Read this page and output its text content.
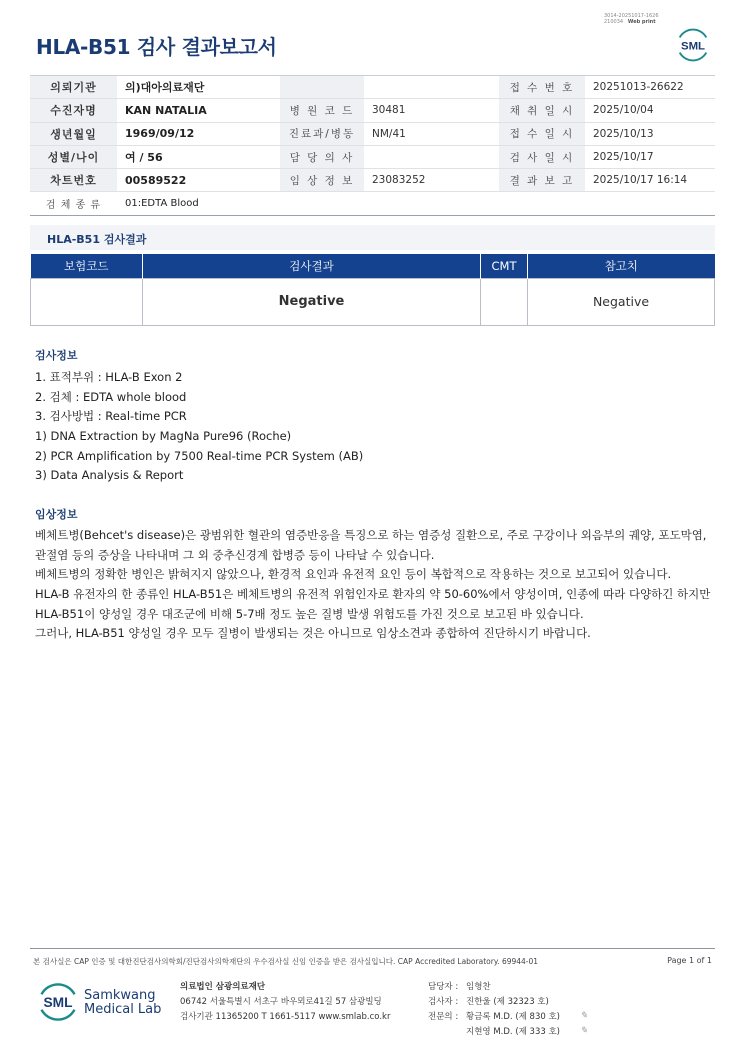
3014-20251017-1626
210034 Web print
HLA-B51 검사 결과보고서	SML
의뢰기관	의)대아의료재단			접 수 번 호	20251013-26622
수진자명	KAN NATALIA	병 원 코 드	30481	채 취 일 시	2025/10/04
생년월일	1969/09/12	진료과/병동	NM/41	접 수 일 시	2025/10/13
성별/나이	여 / 56	담 당 의 사		검 사 일 시	2025/10/17
차트번호	00589522	임 상 정 보	23083252	결 과 보 고	2025/10/17 16:14
검 체 종 류	01:EDTA Blood				
HLA-B51 검사결과
보험코드	검사결과	CMT	참고치
	Negative		Negative
검사정보
1. 표적부위 : HLA-B Exon 2
2. 검체 : EDTA whole blood
3. 검사방법 : Real-time PCR
1) DNA Extraction by MagNa Pure96 (Roche)
2) PCR Amplification by 7500 Real-time PCR System (AB)
3) Data Analysis & Report
임상정보
베체트병(Behcet's disease)은 광범위한 혈관의 염증반응을 특징으로 하는 염증성 질환으로, 주로 구강이나 외음부의 궤양, 포도막염,
관절염 등의 증상을 나타내며 그 외 중추신경계 합병증 등이 나타날 수 있습니다.
베체트병의 정확한 병인은 밝혀지지 않았으나, 환경적 요인과 유전적 요인 등이 복합적으로 작용하는 것으로 보고되어 있습니다.
HLA-B 유전자의 한 종류인 HLA-B51은 베체트병의 유전적 위험인자로 환자의 약 50-60%에서 양성이며, 인종에 따라 다양하긴 하지만
HLA-B51이 양성일 경우 대조군에 비해 5-7배 정도 높은 질병 발생 위험도를 가진 것으로 보고된 바 있습니다.
그러나, HLA-B51 양성일 경우 모두 질병이 발생되는 것은 아니므로 임상소견과 종합하여 진단하시기 바랍니다.
본 검사실은 CAP 인증 및 대한진단검사의학회/진단검사의학재단의 우수검사실 신임 인증을 받은 검사실입니다. CAP Accredited Laboratory. 69944-01	Page 1 of 1
SML Samkwang
Medical Lab
의료법인 삼광의료재단
06742 서울특별시 서초구 바우뫼로41길 57 삼광빌딩
검사기관 11365200 T 1661-5117 www.smlab.co.kr
담당자 : 임형찬
검사자 : 진한울 (제 32323 호)
전문의 : 황금록 M.D. (제 830 호)
지현영 M.D. (제 333 호)
✎
✎
